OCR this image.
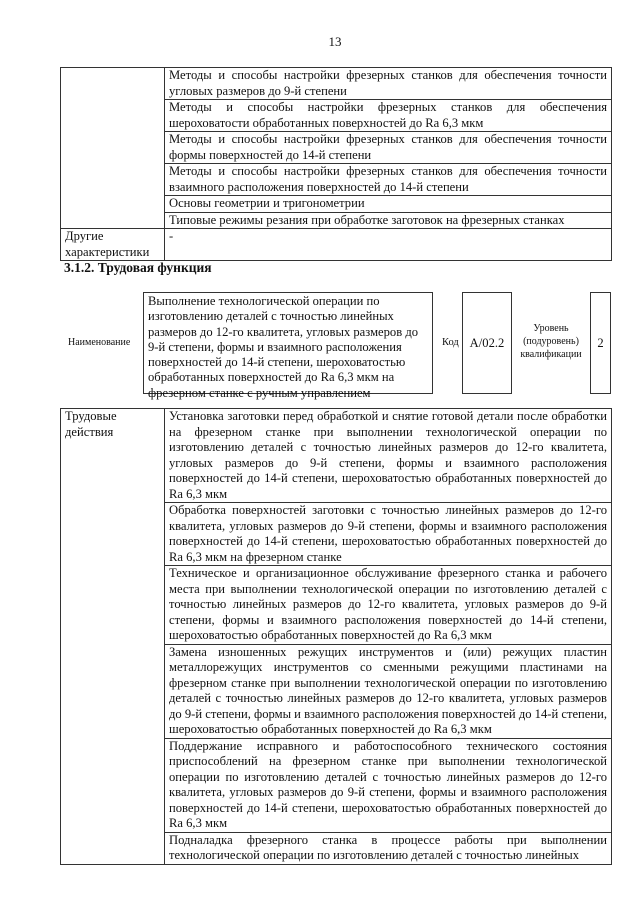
13
	Методы и способы настройки фрезерных станков для обеспечения точности угловых размеров до 9-й степени
	Методы и способы настройки фрезерных станков для обеспечения шероховатости обработанных поверхностей до Ra 6,3 мкм
	Методы и способы настройки фрезерных станков для обеспечения точности формы поверхностей до 14-й степени
	Методы и способы настройки фрезерных станков для обеспечения точности взаимного расположения поверхностей до 14-й степени
	Основы геометрии и тригонометрии
	Типовые режимы резания при обработке заготовок на фрезерных станках
Другие характеристики	-
3.1.2. Трудовая функция
Наименование
Выполнение технологической операции по изготовлению деталей с точностью линейных размеров до 12-го квалитета, угловых размеров до 9-й степени, формы и взаимного расположения поверхностей до 14-й степени, шероховатостью обработанных поверхностей до Ra 6,3 мкм на фрезерном станке с ручным управлением
Код A/02.2
Уровень (подуровень) квалификации
2
Трудовые действия	Установка заготовки перед обработкой и снятие готовой детали после обработки на фрезерном станке при выполнении технологической операции по изготовлению деталей с точностью линейных размеров до 12-го квалитета, угловых размеров до 9-й степени, формы и взаимного расположения поверхностей до 14-й степени, шероховатостью обработанных поверхностей до Ra 6,3 мкм
Обработка поверхностей заготовки с точностью линейных размеров до 12-го квалитета, угловых размеров до 9-й степени, формы и взаимного расположения поверхностей до 14-й степени, шероховатостью обработанных поверхностей до Ra 6,3 мкм на фрезерном станке
Техническое и организационное обслуживание фрезерного станка и рабочего места при выполнении технологической операции по изготовлению деталей с точностью линейных размеров до 12-го квалитета, угловых размеров до 9-й степени, формы и взаимного расположения поверхностей до 14-й степени, шероховатостью обработанных поверхностей до Ra 6,3 мкм
Замена изношенных режущих инструментов и (или) режущих пластин металлорежущих инструментов со сменными режущими пластинами на фрезерном станке при выполнении технологической операции по изготовлению деталей с точностью линейных размеров до 12-го квалитета, угловых размеров до 9-й степени, формы и взаимного расположения поверхностей до 14-й степени, шероховатостью обработанных поверхностей до Ra 6,3 мкм
Поддержание исправного и работоспособного технического состояния приспособлений на фрезерном станке при выполнении технологической операции по изготовлению деталей с точностью линейных размеров до 12-го квалитета, угловых размеров до 9-й степени, формы и взаимного расположения поверхностей до 14-й степени, шероховатостью обработанных поверхностей до Ra 6,3 мкм
Подналадка фрезерного станка в процессе работы при выполнении технологической операции по изготовлению деталей с точностью линейных
